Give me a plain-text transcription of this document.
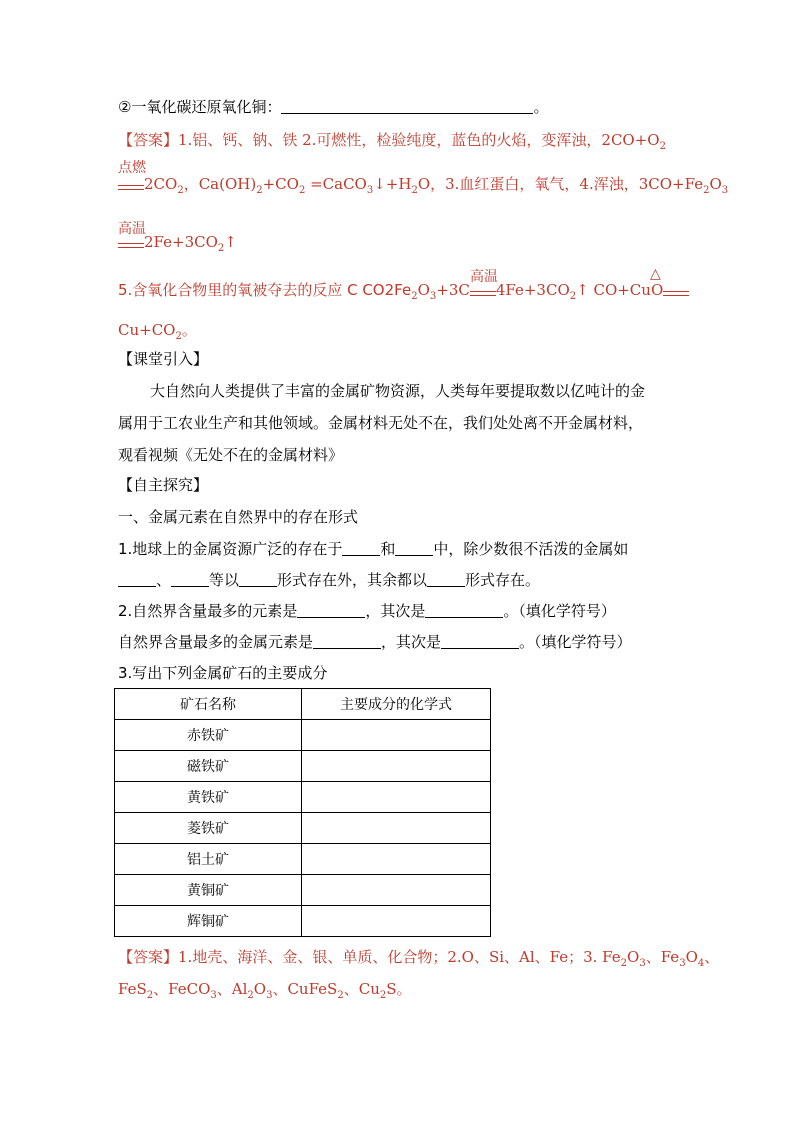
②一氧化碳还原氧化铜：	。
【答案】1.铝、钙、钠、铁 2.可燃性，检验纯度，蓝色的火焰，变浑浊，$2CO+O_2$
点燃
$2CO_2$，$Ca(OH)_2+CO_2$ $=CaCO_3↓+H_2O$，3.血红蛋白，氧气，4.浑浊，$3CO+Fe_2O_3$
高温
$2Fe+3CO_2↑$
高温	△
5.含氧化合物里的氧被夺去的反应 C $CO2Fe_2O_3+3C$ $4Fe+3CO_2↑$ CO+CuO
$Cu+CO_2$。
【课堂引入】
大自然向人类提供了丰富的金属矿物资源，人类每年要提取数以亿吨计的金
属用于工农业生产和其他领域。金属材料无处不在，我们处处离不开金属材料，
观看视频《无处不在的金属材料》
【自主探究】
一、金属元素在自然界中的存在形式
1.地球上的金属资源广泛的存在于	和	中，除少数很不活泼的金属如
、	等以	形式存在外，其余都以	形式存在。
2.自然界含量最多的元素是	，其次是	。（填化学符号）
自然界含量最多的金属元素是	，其次是	。（填化学符号）
3.写出下列金属矿石的主要成分
矿石名称	主要成分的化学式
赤铁矿	
磁铁矿	
黄铁矿	
菱铁矿	
铝土矿	
黄铜矿	
辉铜矿	
【答案】1.地壳、海洋、金、银、单质、化合物；2.O、Si、Al、Fe；3. $Fe_2O_3$、$Fe_3O_4$、
FeS$_2$、FeCO$_3$、$Al_2O_3$、CuFeS$_2$、$Cu_2S$。
